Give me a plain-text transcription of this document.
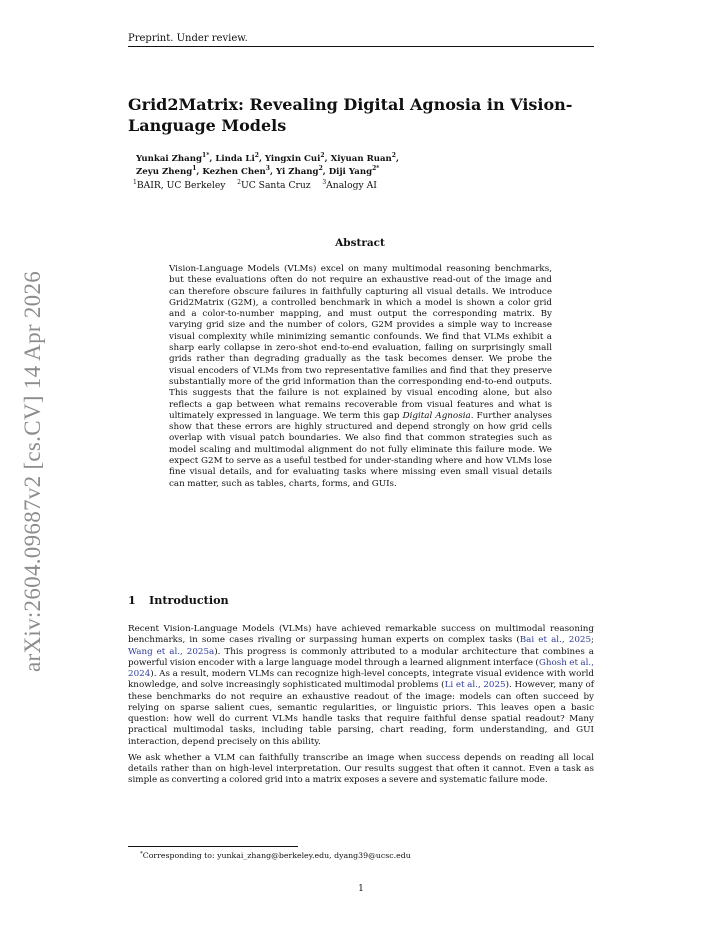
arXiv:2604.09687v2 [cs.CV] 14 Apr 2026
Preprint. Under review.
Grid2Matrix: Revealing Digital Agnosia in Vision-Language Models
Yunkai Zhang$^{1*}$, Linda Li$^2$, Yingxin Cui$^2$, Xiyuan Ruan$^2$,
Zeyu Zheng$^1$, Kezhen Chen$^3$, Yi Zhang$^2$, Diji Yang$^{2*}$
$^1$BAIR, UC Berkeley $^2$UC Santa Cruz $^3$Analogy AI
Abstract
Vision-Language Models (VLMs) excel on many multimodal reasoning benchmarks, but these evaluations often do not require an exhaustive read-out of the image and can therefore obscure failures in faithfully capturing all visual details. We introduce Grid2Matrix (G2M), a controlled benchmark in which a model is shown a color grid and a color-to-number mapping, and must output the corresponding matrix. By varying grid size and the number of colors, G2M provides a simple way to increase visual complexity while minimizing semantic confounds. We find that VLMs exhibit a sharp early collapse in zero-shot end-to-end evaluation, failing on surprisingly small grids rather than degrading gradually as the task becomes denser. We probe the visual encoders of VLMs from two representative families and find that they preserve substantially more of the grid information than the corresponding end-to-end outputs. This suggests that the failure is not explained by visual encoding alone, but also reflects a gap between what remains recoverable from visual features and what is ultimately expressed in language. We term this gap Digital Agnosia. Further analyses show that these errors are highly structured and depend strongly on how grid cells overlap with visual patch boundaries. We also find that common strategies such as model scaling and multimodal alignment do not fully eliminate this failure mode. We expect G2M to serve as a useful testbed for under-standing where and how VLMs lose fine visual details, and for evaluating tasks where missing even small visual details can matter, such as tables, charts, forms, and GUIs.
1 Introduction

Recent Vision-Language Models (VLMs) have achieved remarkable success on multimodal reasoning benchmarks, in some cases rivaling or surpassing human experts on complex tasks (Bai et al., 2025; Wang et al., 2025a). This progress is commonly attributed to a modular architecture that combines a powerful vision encoder with a large language model through a learned alignment interface (Ghosh et al., 2024). As a result, modern VLMs can recognize high-level concepts, integrate visual evidence with world knowledge, and solve increasingly sophisticated multimodal problems (Li et al., 2025). However, many of these benchmarks do not require an exhaustive readout of the image: models can often succeed by relying on sparse salient cues, semantic regularities, or linguistic priors. This leaves open a basic question: how well do current VLMs handle tasks that require faithful dense spatial readout? Many practical multimodal tasks, including table parsing, chart reading, form understanding, and GUI interaction, depend precisely on this ability.

We ask whether a VLM can faithfully transcribe an image when success depends on reading all local details rather than on high-level interpretation. Our results suggest that often it cannot. Even a task as simple as converting a colored grid into a matrix exposes a severe and systematic failure mode.

*Corresponding to: yunkai_zhang@berkeley.edu, dyang39@ucsc.edu
1
